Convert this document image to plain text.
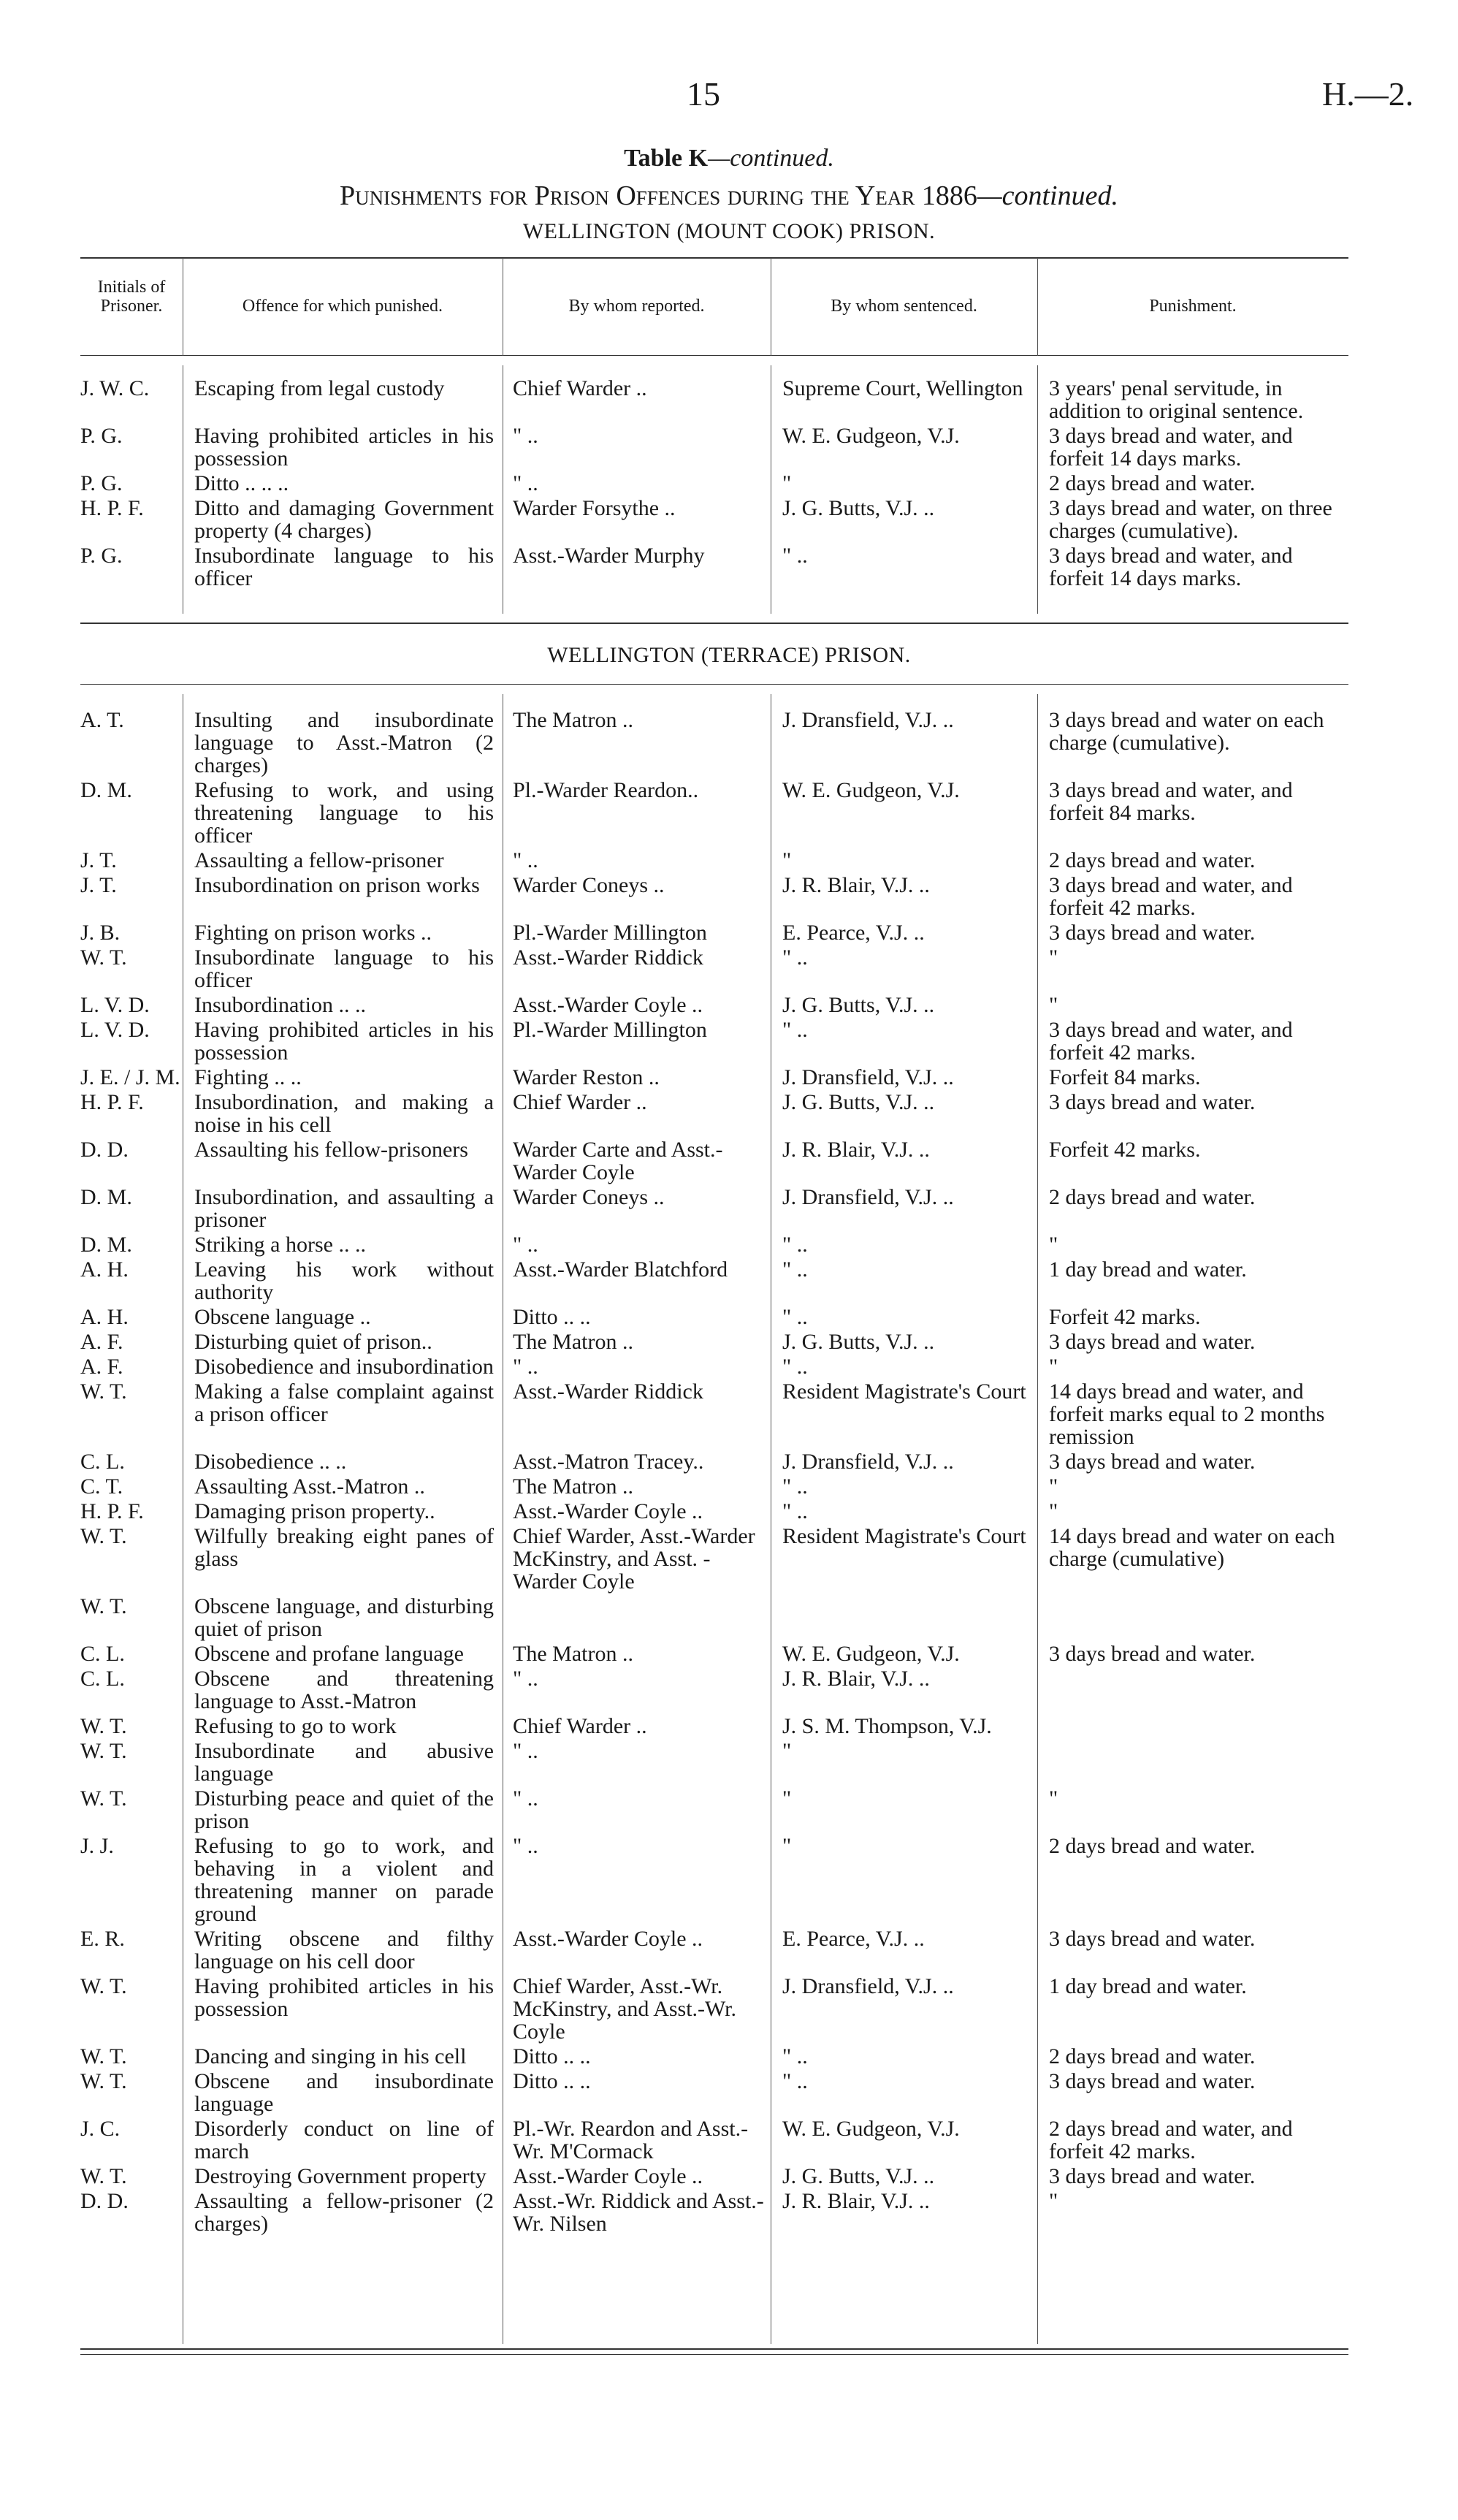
15	H.—2.
Table K—continued.
Punishments for Prison Offences during the Year 1886—continued.
WELLINGTON (MOUNT COOK) PRISON.
Initials of Prisoner.	Offence for which punished.	By whom reported.	By whom sentenced.	Punishment.
J. W. C.	Escaping from legal custody	Chief Warder ..	Supreme Court, Wellington	3 years' penal servitude, in addition to original sentence.
P. G.	Having prohibited articles in his possession	" ..	W. E. Gudgeon, V.J.	3 days bread and water, and forfeit 14 days marks.
P. G.	Ditto .. .. ..	" ..	"	2 days bread and water.
H. P. F.	Ditto and damaging Government property (4 charges)	Warder Forsythe ..	J. G. Butts, V.J. ..	3 days bread and water, on three charges (cumulative).
P. G.	Insubordinate language to his officer	Asst.-Warder Murphy	" ..	3 days bread and water, and forfeit 14 days marks.
WELLINGTON (TERRACE) PRISON.
A. T.	Insulting and insubordinate language to Asst.-Matron (2 charges)	The Matron ..	J. Dransfield, V.J. ..	3 days bread and water on each charge (cumulative).
D. M.	Refusing to work, and using threatening language to his officer	Pl.-Warder Reardon..	W. E. Gudgeon, V.J.	3 days bread and water, and forfeit 84 marks.
J. T.	Assaulting a fellow-prisoner	" ..	"	2 days bread and water.
J. T.	Insubordination on prison works	Warder Coneys ..	J. R. Blair, V.J. ..	3 days bread and water, and forfeit 42 marks.
J. B.	Fighting on prison works ..	Pl.-Warder Millington	E. Pearce, V.J. ..	3 days bread and water.
W. T.	Insubordinate language to his officer	Asst.-Warder Riddick	" ..	"
L. V. D.	Insubordination .. ..	Asst.-Warder Coyle ..	J. G. Butts, V.J. ..	"
L. V. D.	Having prohibited articles in his possession	Pl.-Warder Millington	" ..	3 days bread and water, and forfeit 42 marks.
J. E. / J. M.	Fighting .. ..	Warder Reston ..	J. Dransfield, V.J. ..	Forfeit 84 marks.
H. P. F.	Insubordination, and making a noise in his cell	Chief Warder ..	J. G. Butts, V.J. ..	3 days bread and water.
D. D.	Assaulting his fellow-prisoners	Warder Carte and Asst.-Warder Coyle	J. R. Blair, V.J. ..	Forfeit 42 marks.
D. M.	Insubordination, and assaulting a prisoner	Warder Coneys ..	J. Dransfield, V.J. ..	2 days bread and water.
D. M.	Striking a horse .. ..	" ..	" ..	"
A. H.	Leaving his work without authority	Asst.-Warder Blatchford	" ..	1 day bread and water.
A. H.	Obscene language ..	Ditto .. ..	" ..	Forfeit 42 marks.
A. F.	Disturbing quiet of prison..	The Matron ..	J. G. Butts, V.J. ..	3 days bread and water.
A. F.	Disobedience and insubordination	" ..	" ..	"
W. T.	Making a false complaint against a prison officer	Asst.-Warder Riddick	Resident Magistrate's Court	14 days bread and water, and forfeit marks equal to 2 months remission
C. L.	Disobedience .. ..	Asst.-Matron Tracey..	J. Dransfield, V.J. ..	3 days bread and water.
C. T.	Assaulting Asst.-Matron ..	The Matron ..	" ..	"
H. P. F.	Damaging prison property..	Asst.-Warder Coyle ..	" ..	"
W. T.	Wilfully breaking eight panes of glass	Chief Warder, Asst.-Warder McKinstry, and Asst. - Warder Coyle	Resident Magistrate's Court	14 days bread and water on each charge (cumulative)
W. T.	Obscene language, and disturbing quiet of prison			
C. L.	Obscene and profane language	The Matron ..	W. E. Gudgeon, V.J.	3 days bread and water.
C. L.	Obscene and threatening language to Asst.-Matron	" ..	J. R. Blair, V.J. ..	
W. T.	Refusing to go to work	Chief Warder ..	J. S. M. Thompson, V.J.	
W. T.	Insubordinate and abusive language	" ..	"	
W. T.	Disturbing peace and quiet of the prison	" ..	"	"
J. J.	Refusing to go to work, and behaving in a violent and threatening manner on parade ground	" ..	"	2 days bread and water.
E. R.	Writing obscene and filthy language on his cell door	Asst.-Warder Coyle ..	E. Pearce, V.J. ..	3 days bread and water.
W. T.	Having prohibited articles in his possession	Chief Warder, Asst.-Wr. McKinstry, and Asst.-Wr. Coyle	J. Dransfield, V.J. ..	1 day bread and water.
W. T.	Dancing and singing in his cell	Ditto .. ..	" ..	2 days bread and water.
W. T.	Obscene and insubordinate language	Ditto .. ..	" ..	3 days bread and water.
J. C.	Disorderly conduct on line of march	Pl.-Wr. Reardon and Asst.-Wr. M'Cormack	W. E. Gudgeon, V.J.	2 days bread and water, and forfeit 42 marks.
W. T.	Destroying Government property	Asst.-Warder Coyle ..	J. G. Butts, V.J. ..	3 days bread and water.
D. D.	Assaulting a fellow-prisoner (2 charges)	Asst.-Wr. Riddick and Asst.-Wr. Nilsen	J. R. Blair, V.J. ..	"
